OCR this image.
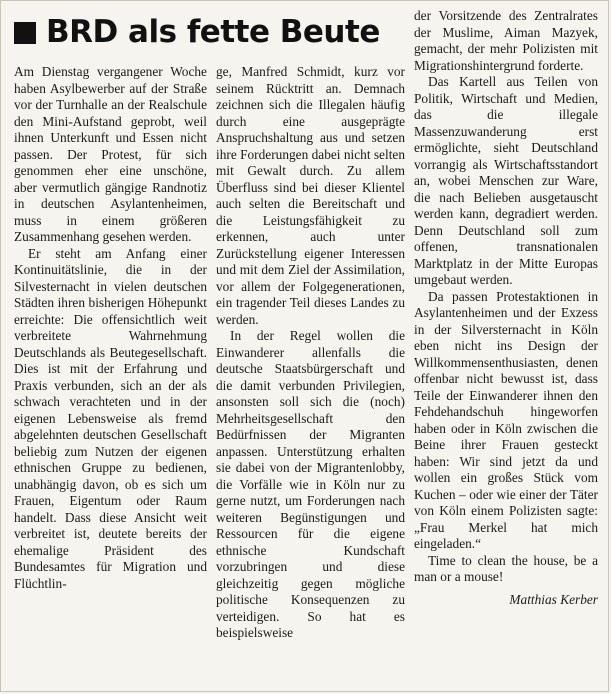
BRD als fette Beute

Am Dienstag vergangener Woche haben Asylbewerber auf der Straße vor der Turnhalle an der Realschule den Mini-Aufstand geprobt, weil ihnen Unterkunft und Essen nicht passen. Der Protest, für sich genommen eher eine unschöne, aber vermutlich gängige Randnotiz in deutschen Asylantenheimen, muss in einem größeren Zusammenhang gesehen werden.

Er steht am Anfang einer Kontinuitätslinie, die in der Silvesternacht in vielen deutschen Städten ihren bisherigen Höhepunkt erreichte: Die offensichtlich weit verbreitete Wahrnehmung Deutschlands als Beutegesellschaft. Dies ist mit der Erfahrung und Praxis verbunden, sich an der als schwach verachteten und in der eigenen Lebensweise als fremd abgelehnten deutschen Gesellschaft beliebig zum Nutzen der eigenen ethnischen Gruppe zu bedienen, unabhängig davon, ob es sich um Frauen, Eigentum oder Raum handelt. Dass diese Ansicht weit verbreitet ist, deutete bereits der ehemalige Präsident des Bundesamtes für Migration und Flüchtlin-

ge, Manfred Schmidt, kurz vor seinem Rücktritt an. Demnach zeichnen sich die Illegalen häufig durch eine ausgeprägte Anspruchshaltung aus und setzen ihre Forderungen dabei nicht selten mit Gewalt durch. Zu allem Überfluss sind bei dieser Klientel auch selten die Bereitschaft und die Leistungsfähigkeit zu erkennen, auch unter Zurückstellung eigener Interessen und mit dem Ziel der Assimilation, vor allem der Folgegenerationen, ein tragender Teil dieses Landes zu werden.

In der Regel wollen die Einwanderer allenfalls die deutsche Staatsbürgerschaft und die damit verbunden Privilegien, ansonsten soll sich die (noch) Mehrheitsgesellschaft den Bedürfnissen der Migranten anpassen. Unterstützung erhalten sie dabei von der Migrantenlobby, die Vorfälle wie in Köln nur zu gerne nutzt, um Forderungen nach weiteren Begünstigungen und Ressourcen für die eigene ethnische Kundschaft vorzubringen und diese gleichzeitig gegen mögliche politische Konsequenzen zu verteidigen. So hat es beispielsweise

der Vorsitzende des Zentralrates der Muslime, Aiman Mazyek, gemacht, der mehr Polizisten mit Migrationshintergrund forderte.

Das Kartell aus Teilen von Politik, Wirtschaft und Medien, das die illegale Massenzuwanderung erst ermöglichte, sieht Deutschland vorrangig als Wirtschaftsstandort an, wobei Menschen zur Ware, die nach Belieben ausgetauscht werden kann, degradiert werden. Denn Deutschland soll zum offenen, transnationalen Marktplatz in der Mitte Europas umgebaut werden.

Da passen Protestaktionen in Asylantenheimen und der Exzess in der Silversternacht in Köln eben nicht ins Design der Willkommensenthusiasten, denen offenbar nicht bewusst ist, dass Teile der Einwanderer ihnen den Fehdehandschuh hingeworfen haben oder in Köln zwischen die Beine ihrer Frauen gesteckt haben: Wir sind jetzt da und wollen ein großes Stück vom Kuchen – oder wie einer der Täter von Köln einem Polizisten sagte: „Frau Merkel hat mich eingeladen.“

Time to clean the house, be a man or a mouse!

Matthias Kerber
